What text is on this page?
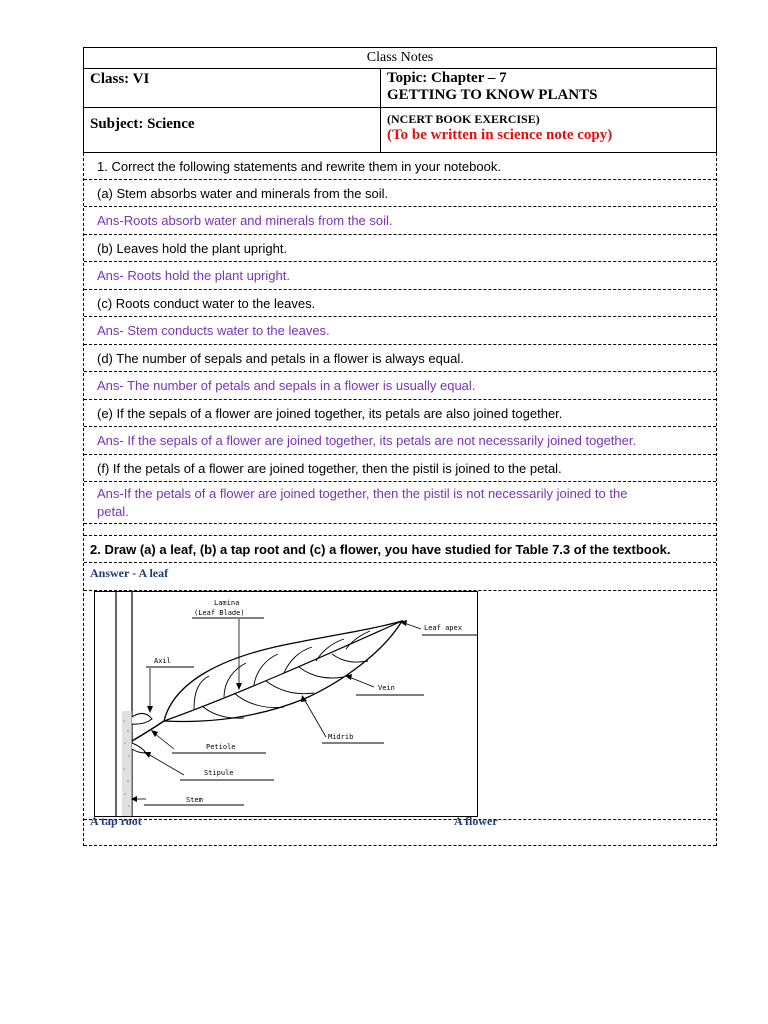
Class Notes
Class: VI	Topic: Chapter – 7
GETTING TO KNOW PLANTS
Subject: Science	(NCERT BOOK EXERCISE)
(To be written in science note copy)
1. Correct the following statements and rewrite them in your notebook.
(a) Stem absorbs water and minerals from the soil.
Ans-Roots absorb water and minerals from the soil.
(b) Leaves hold the plant upright.
Ans- Roots hold the plant upright.
(c) Roots conduct water to the leaves.
Ans- Stem conducts water to the leaves.
(d) The number of sepals and petals in a flower is always equal.
Ans- The number of petals and sepals in a flower is usually equal.
(e) If the sepals of a flower are joined together, its petals are also joined together.
Ans- If the sepals of a flower are joined together, its petals are not necessarily joined together.
(f) If the petals of a flower are joined together, then the pistil is joined to the petal.
Ans-If the petals of a flower are joined together, then the pistil is not necessarily joined to the
petal.
2. Draw (a) a leaf, (b) a tap root and (c) a flower, you have studied for Table 7.3 of the textbook.
Answer - A leaf
Lamina
(Leaf Blade)
Leaf apex
Axil
Vein
Midrib
Petiole
Stipule
Stem
A tap root	A flower
